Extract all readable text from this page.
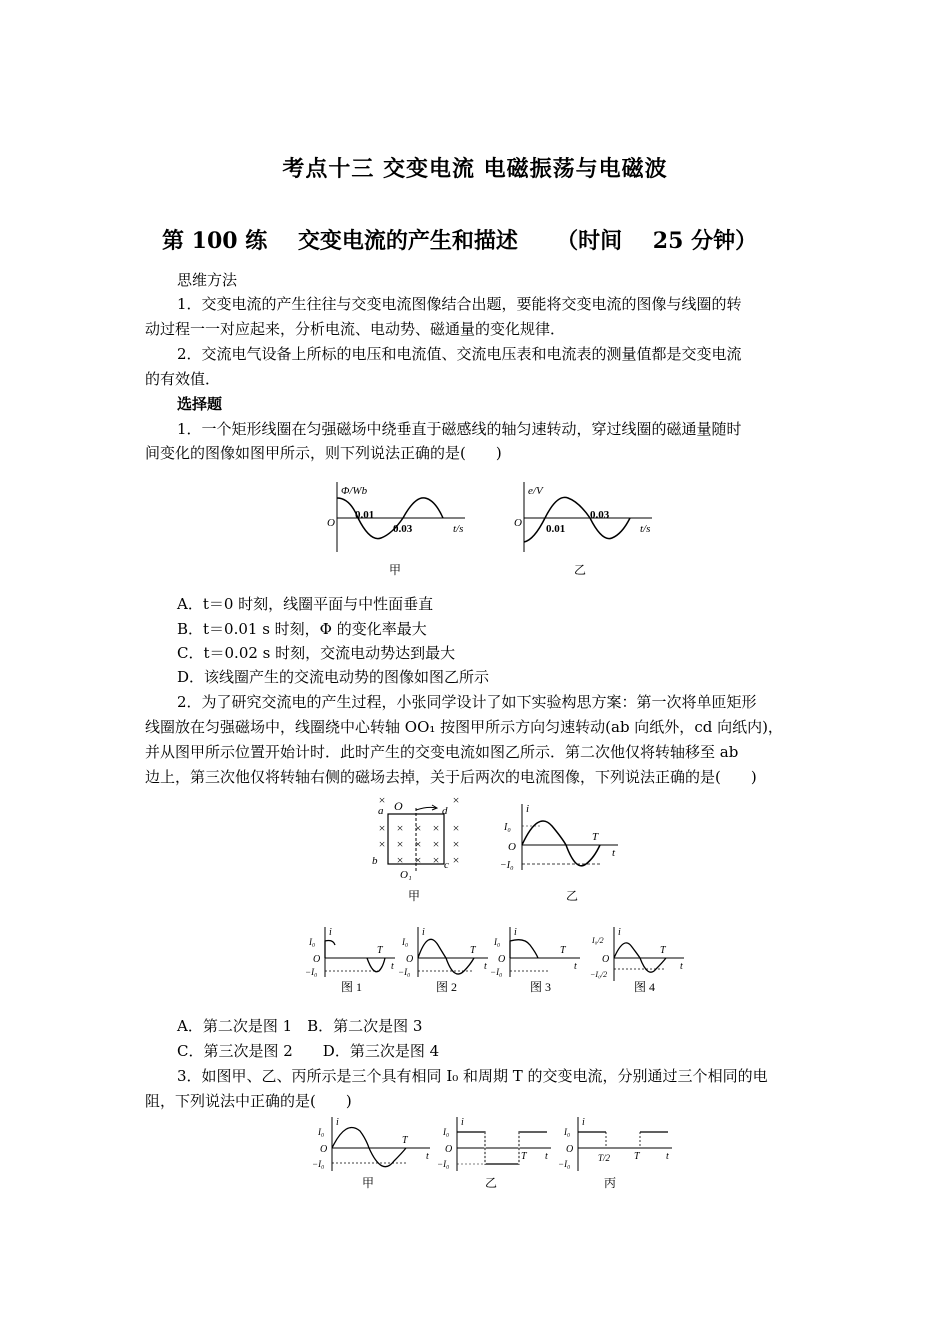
考点十三 交变电流 电磁振荡与电磁波
第 100 练    交变电流的产生和描述     （时间    25 分钟）
思维方法
1．交变电流的产生往往与交变电流图像结合出题，要能将交变电流的图像与线圈的转
动过程一一对应起来，分析电流、电动势、磁通量的变化规律．
2．交流电气设备上所标的电压和电流值、交流电压表和电流表的测量值都是交变电流
的有效值．
选择题
1．一个矩形线圈在匀强磁场中绕垂直于磁感线的轴匀速转动，穿过线圈的磁通量随时
间变化的图像如图甲所示，则下列说法正确的是(　　)
Φ/Wb
O
0.01
0.03	t/s
甲
e/V
O 0.01
0.03
t/s
乙
A．t＝0 时刻，线圈平面与中性面垂直
B．t＝0.01 s 时刻，Φ 的变化率最大
C．t＝0.02 s 时刻，交流电动势达到最大
D．该线圈产生的交流电动势的图像如图乙所示
2．为了研究交流电的产生过程，小张同学设计了如下实验构思方案：第一次将单匝矩形
线圈放在匀强磁场中，线圈绕中心转轴 OO₁ 按图甲所示方向匀速转动(ab 向纸外，cd 向纸内)，
并从图甲所示位置开始计时．此时产生的交变电流如图乙所示．第二次他仅将转轴移至 ab
边上，第三次他仅将转轴右侧的磁场去掉，关于后两次的电流图像，下列说法正确的是(　　)
×	×
× × × × ×
× × × × ×
× × × ×
a O	d
b	c
O₁
甲
i
I₀
O
−I₀
T
t
乙
i
I₀
O
−I₀
T
t
图 1
i
I₀
O
−I₀
T
t
图 2
i
I₀
O
−I₀
T
t
图 3
i
I₀/2
O
−I₀/2
T
t
图 4
A．第二次是图 1　B．第二次是图 3
C．第三次是图 2　　D．第三次是图 4
3．如图甲、乙、丙所示是三个具有相同 I₀ 和周期 T 的交变电流，分别通过三个相同的电
阻，下列说法中正确的是(　　)
i
I₀
O
−I₀
T
t
甲
i
I₀
O
−I₀
T t
乙
i
I₀
O
−I₀
T/2 T	t
丙
